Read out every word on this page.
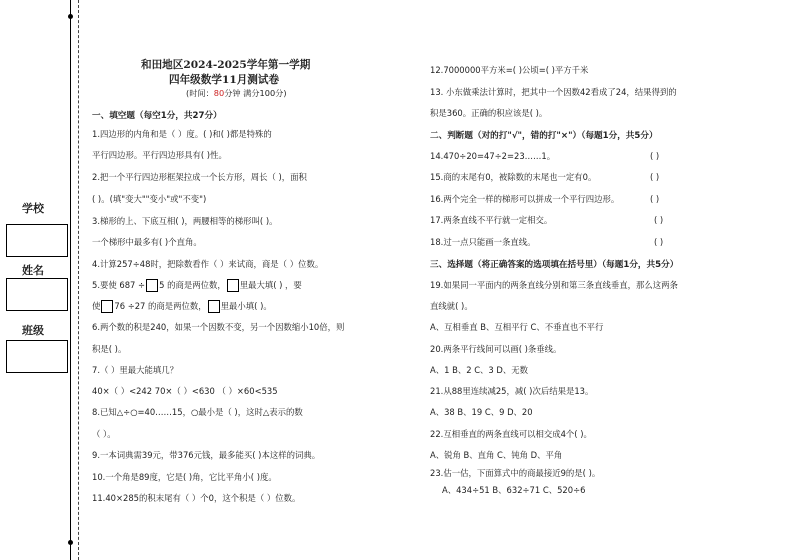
学校
姓名
班级
和田地区2024-2025学年第一学期
四年级数学11月测试卷
(时间：80分钟 满分100分)
一、填空题（每空1分，共27分）
1.四边形的内角和是（ ）度。( )和( )都是特殊的
平行四边形。平行四边形具有( )性。
2.把一个平行四边形框架拉成一个长方形，周长（ )，面积
( )。(填"变大""变小"或"不变")
3.梯形的上、下底互相( )，两腰相等的梯形叫( )。
一个梯形中最多有( )个直角。
4.计算257÷48时，把除数看作（ ）来试商，商是（ ）位数。
5.要使 687 ÷ 5 的商是两位数， 里最大填( ) ，要
使 76 ÷27 的商是两位数， 里最小填( )。
6.两个数的积是240，如果一个因数不变，另一个因数缩小10倍，则
积是( )。
7.（ ）里最大能填几？
40×（ ）<242 70×（ ）<630 （ ）×60<535
8.已知△÷○=40……15，○最小是（ )，这时△表示的数
（ ）。
9.一本词典需39元，带376元钱，最多能买( )本这样的词典。
10.一个角是89度，它是( )角，它比平角小( )度。
11.40×285的积末尾有（ ）个0，这个积是（ ）位数。
12.7000000平方米=( )公顷=( )平方千米
13. 小东做乘法计算时，把其中一个因数42看成了24，结果得到的
积是360。正确的积应该是( )。
二、判断题（对的打"√"，错的打"×"）（每题1分，共5分）
14.470÷20=47÷2=23……1。	( )
15.商的末尾有0，被除数的末尾也一定有0。	( )
16.两个完全一样的梯形可以拼成一个平行四边形。	( )
17.两条直线不平行就一定相交。	( )
18.过一点只能画一条直线。	( )
三、选择题（将正确答案的选项填在括号里）（每题1分，共5分）
19.如果同一平面内的两条直线分别和第三条直线垂直，那么这两条
直线就( )。
A、互相垂直 B、互相平行 C、不垂直也不平行
20.两条平行线间可以画( )条垂线。
A、1 B、2 C、3 D、无数
21.从88里连续减25，减( )次后结果是13。
A、38 B、19 C、9 D、20
22.互相垂直的两条直线可以相交成4个( )。
A、锐角 B、直角 C、钝角 D、平角
23.估一估，下面算式中的商最接近9的是( )。
A、434÷51 B、632÷71 C、520÷6
